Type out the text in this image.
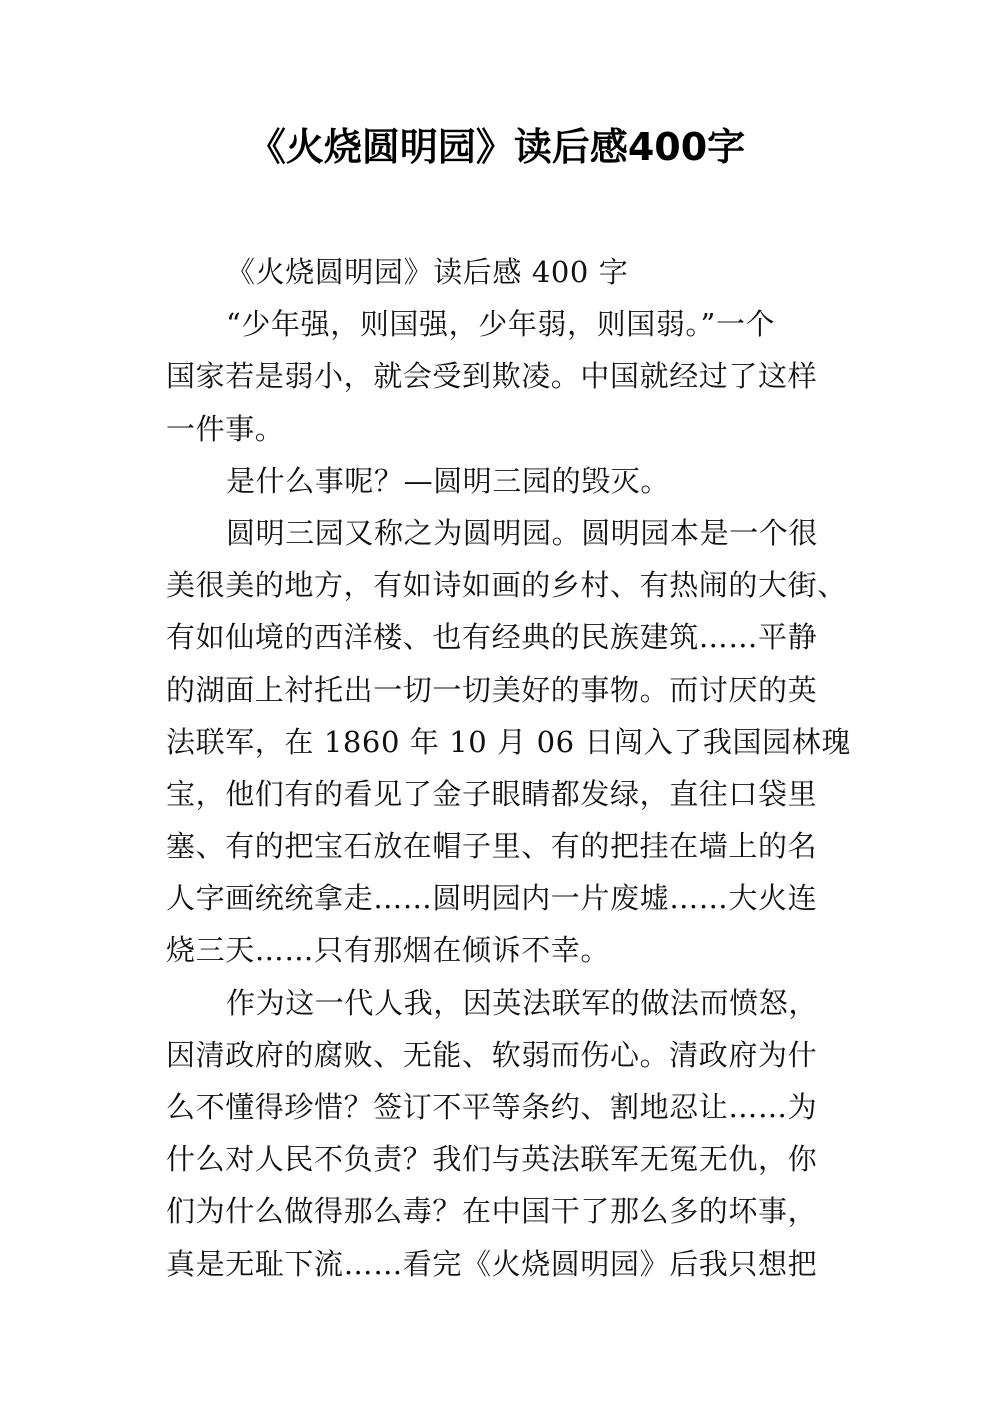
《火烧圆明园》读后感400字
《火烧圆明园》读后感 400 字
“少年强，则国强，少年弱，则国弱。”一个
国家若是弱小，就会受到欺凌。中国就经过了这样
一件事。
是什么事呢？—圆明三园的毁灭。
圆明三园又称之为圆明园。圆明园本是一个很
美很美的地方，有如诗如画的乡村、有热闹的大街、
有如仙境的西洋楼、也有经典的民族建筑……平静
的湖面上衬托出一切一切美好的事物。而讨厌的英
法联军，在 1860 年 10 月 06 日闯入了我国园林瑰
宝，他们有的看见了金子眼睛都发绿，直往口袋里
塞、有的把宝石放在帽子里、有的把挂在墙上的名
人字画统统拿走……圆明园内一片废墟……大火连
烧三天……只有那烟在倾诉不幸。
作为这一代人我，因英法联军的做法而愤怒，
因清政府的腐败、无能、软弱而伤心。清政府为什
么不懂得珍惜？签订不平等条约、割地忍让……为
什么对人民不负责？我们与英法联军无冤无仇，你
们为什么做得那么毒？在中国干了那么多的坏事，
真是无耻下流……看完《火烧圆明园》后我只想把
